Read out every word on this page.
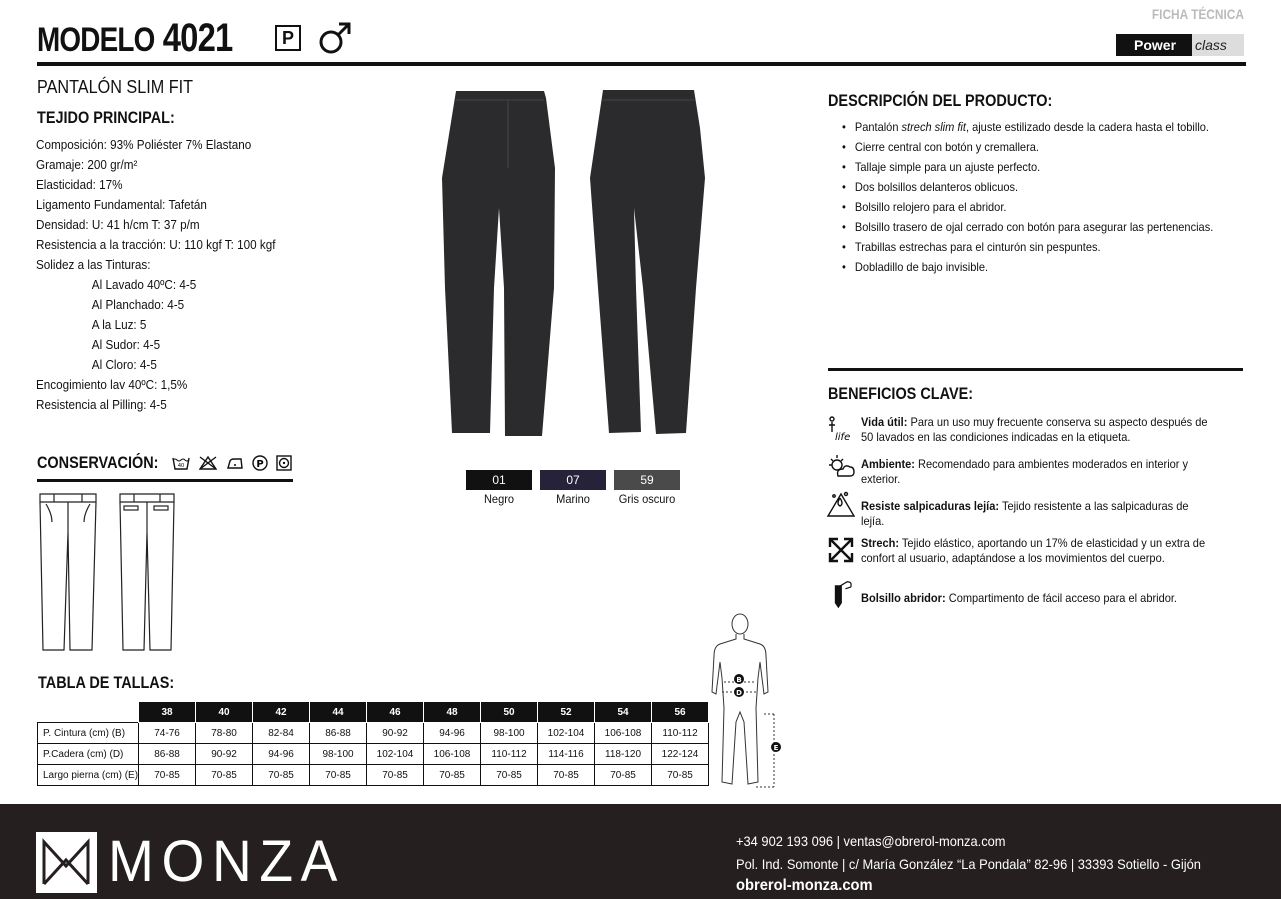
MODELO 4021	P
FICHA TÉCNICA
Power	class
PANTALÓN SLIM FIT
TEJIDO PRINCIPAL:
Composición: 93% Poliéster 7% Elastano
Gramaje: 200 gr/m²
Elasticidad: 17%
Ligamento Fundamental: Tafetán
Densidad: U: 41 h/cm T: 37 p/m
Resistencia a la tracción: U: 110 kgf T: 100 kgf
Solidez a las Tinturas:
Al Lavado 40ºC: 4-5
Al Planchado: 4-5
A la Luz: 5
Al Sudor: 4-5
Al Cloro: 4-5
Encogimiento lav 40ºC: 1,5%
Resistencia al Pilling: 4-5
CONSERVACIÓN:	40	P
01	07	59
Negro	Marino	Gris oscuro
DESCRIPCIÓN DEL PRODUCTO:
• Pantalón strech slim fit, ajuste estilizado desde la cadera hasta el tobillo.
• Cierre central con botón y cremallera.
• Tallaje simple para un ajuste perfecto.
• Dos bolsillos delanteros oblicuos.
• Bolsillo relojero para el abridor.
• Bolsillo trasero de ojal cerrado con botón para asegurar las pertenencias.
• Trabillas estrechas para el cinturón sin pespuntes.
• Dobladillo de bajo invisible.
BENEFICIOS CLAVE:
life
Vida útil: Para un uso muy frecuente conserva su aspecto después de 50 lavados en las condiciones indicadas en la etiqueta.
Ambiente: Recomendado para ambientes moderados en interior y exterior.
Resiste salpicaduras lejía: Tejido resistente a las salpicaduras de lejía.
Strech: Tejido elástico, aportando un 17% de elasticidad y un extra de confort al usuario, adaptándose a los movimientos del cuerpo.
Bolsillo abridor: Compartimento de fácil acceso para el abridor.
B
D
E
TABLA DE TALLAS:
	38	40	42	44	46	48	50	52	54	56
P. Cintura (cm) (B)	74-76	78-80	82-84	86-88	90-92	94-96	98-100	102-104	106-108	110-112
P.Cadera (cm) (D)	86-88	90-92	94-96	98-100	102-104	106-108	110-112	114-116	118-120	122-124
Largo pierna (cm) (E)	70-85	70-85	70-85	70-85	70-85	70-85	70-85	70-85	70-85	70-85
MONZA	+34 902 193 096 | ventas@obrerol-monza.com
Pol. Ind. Somonte | c/ María González “La Pondala” 82-96 | 33393 Sotiello - Gijón
obrerol-monza.com
